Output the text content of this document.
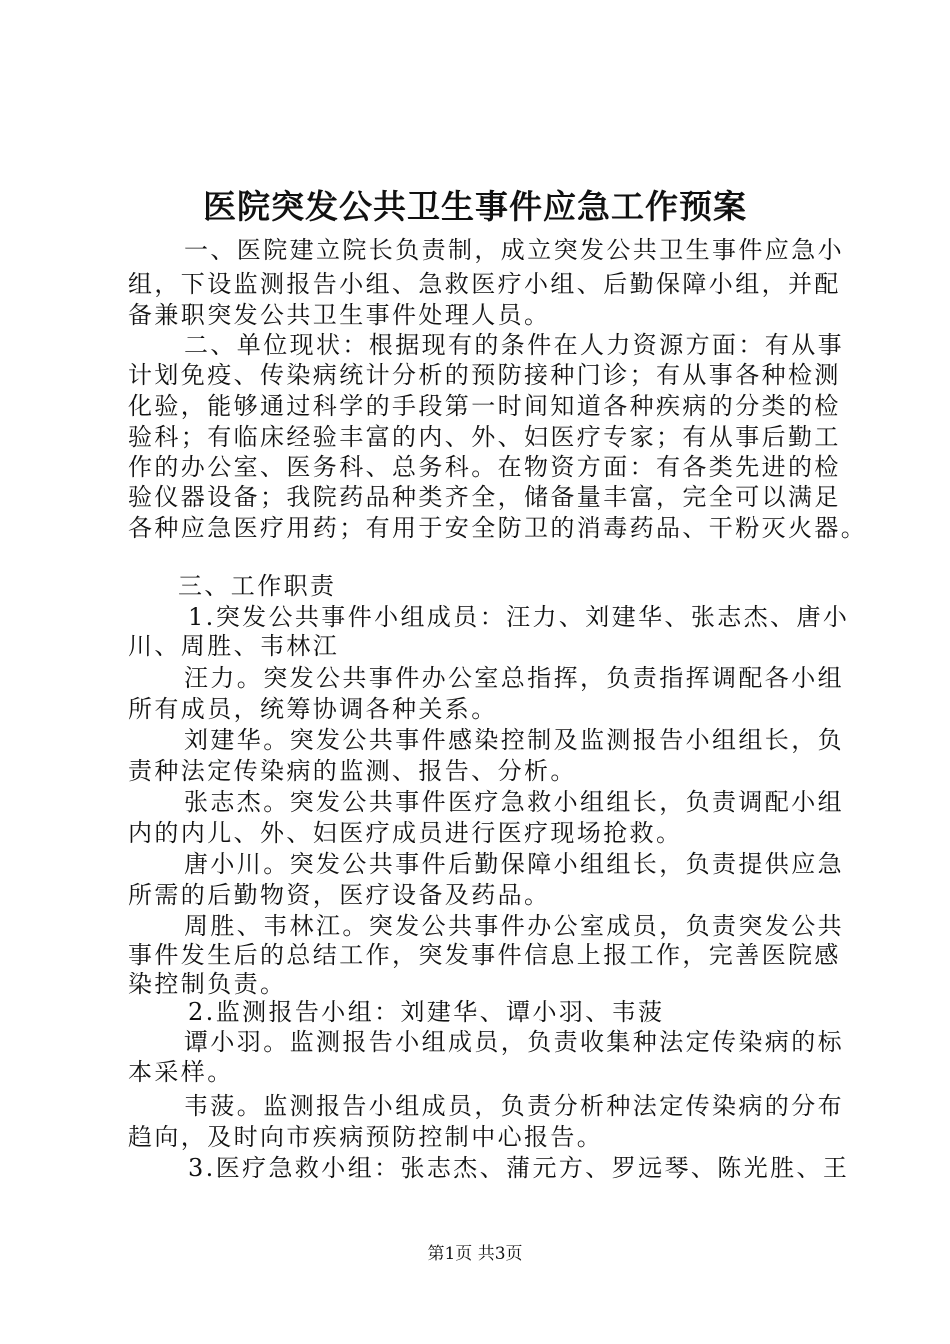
医院突发公共卫生事件应急工作预案
一、医院建立院长负责制，成立突发公共卫生事件应急小
组，下设监测报告小组、急救医疗小组、后勤保障小组，并配
备兼职突发公共卫生事件处理人员。
二、单位现状：根据现有的条件在人力资源方面：有从事
计划免疫、传染病统计分析的预防接种门诊；有从事各种检测
化验，能够通过科学的手段第一时间知道各种疾病的分类的检
验科；有临床经验丰富的内、外、妇医疗专家；有从事后勤工
作的办公室、医务科、总务科。在物资方面：有各类先进的检
验仪器设备；我院药品种类齐全，储备量丰富，完全可以满足
各种应急医疗用药；有用于安全防卫的消毒药品、干粉灭火器。
三、工作职责
1.突发公共事件小组成员：汪力、刘建华、张志杰、唐小
川、周胜、韦林江
汪力。突发公共事件办公室总指挥，负责指挥调配各小组
所有成员，统筹协调各种关系。
刘建华。突发公共事件感染控制及监测报告小组组长，负
责种法定传染病的监测、报告、分析。
张志杰。突发公共事件医疗急救小组组长，负责调配小组
内的内儿、外、妇医疗成员进行医疗现场抢救。
唐小川。突发公共事件后勤保障小组组长，负责提供应急
所需的后勤物资，医疗设备及药品。
周胜、韦林江。突发公共事件办公室成员，负责突发公共
事件发生后的总结工作，突发事件信息上报工作，完善医院感
染控制负责。
2.监测报告小组：刘建华、谭小羽、韦菠
谭小羽。监测报告小组成员，负责收集种法定传染病的标
本采样。
韦菠。监测报告小组成员，负责分析种法定传染病的分布
趋向，及时向市疾病预防控制中心报告。
3.医疗急救小组：张志杰、蒲元方、罗远琴、陈光胜、王
第1页 共3页
